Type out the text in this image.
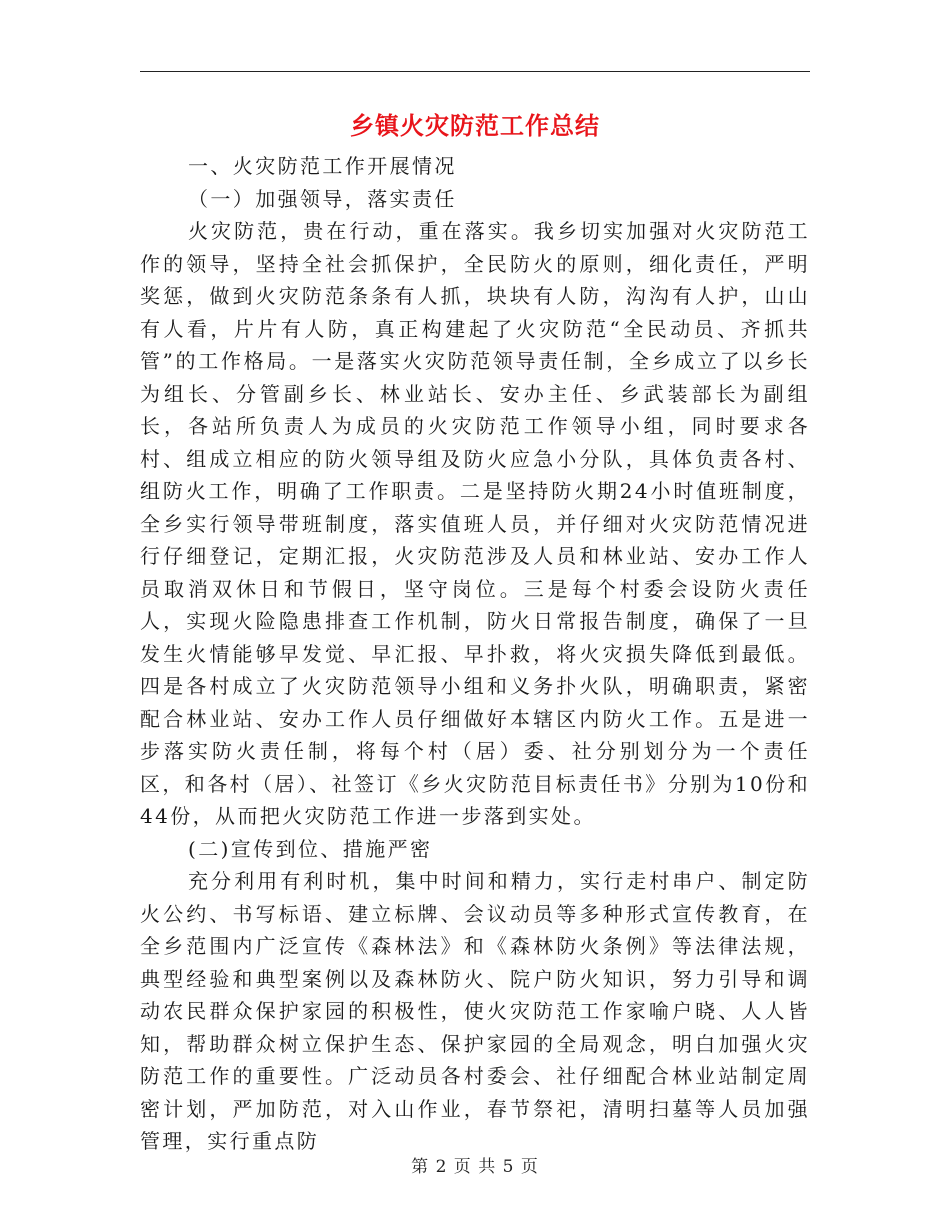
乡镇火灾防范工作总结

一、火灾防范工作开展情况

（一）加强领导，落实责任

火灾防范，贵在行动，重在落实。我乡切实加强对火灾防范工作的领导，坚持全社会抓保护，全民防火的原则，细化责任，严明奖惩，做到火灾防范条条有人抓，块块有人防，沟沟有人护，山山有人看，片片有人防，真正构建起了火灾防范“全民动员、齐抓共管”的工作格局。一是落实火灾防范领导责任制，全乡成立了以乡长为组长、分管副乡长、林业站长、安办主任、乡武装部长为副组长，各站所负责人为成员的火灾防范工作领导小组，同时要求各村、组成立相应的防火领导组及防火应急小分队，具体负责各村、组防火工作，明确了工作职责。二是坚持防火期24小时值班制度，全乡实行领导带班制度，落实值班人员，并仔细对火灾防范情况进行仔细登记，定期汇报，火灾防范涉及人员和林业站、安办工作人员取消双休日和节假日，坚守岗位。三是每个村委会设防火责任人，实现火险隐患排查工作机制，防火日常报告制度，确保了一旦发生火情能够早发觉、早汇报、早扑救，将火灾损失降低到最低。四是各村成立了火灾防范领导小组和义务扑火队，明确职责，紧密配合林业站、安办工作人员仔细做好本辖区内防火工作。五是进一步落实防火责任制，将每个村（居）委、社分别划分为一个责任区，和各村（居）、社签订《乡火灾防范目标责任书》分别为10份和44份，从而把火灾防范工作进一步落到实处。

(二)宣传到位、措施严密

充分利用有利时机，集中时间和精力，实行走村串户、制定防火公约、书写标语、建立标牌、会议动员等多种形式宣传教育，在全乡范围内广泛宣传《森林法》和《森林防火条例》等法律法规，典型经验和典型案例以及森林防火、院户防火知识，努力引导和调动农民群众保护家园的积极性，使火灾防范工作家喻户晓、人人皆知，帮助群众树立保护生态、保护家园的全局观念，明白加强火灾防范工作的重要性。广泛动员各村委会、社仔细配合林业站制定周密计划，严加防范，对入山作业，春节祭祀，清明扫墓等人员加强管理，实行重点防

第 2 页 共 5 页
